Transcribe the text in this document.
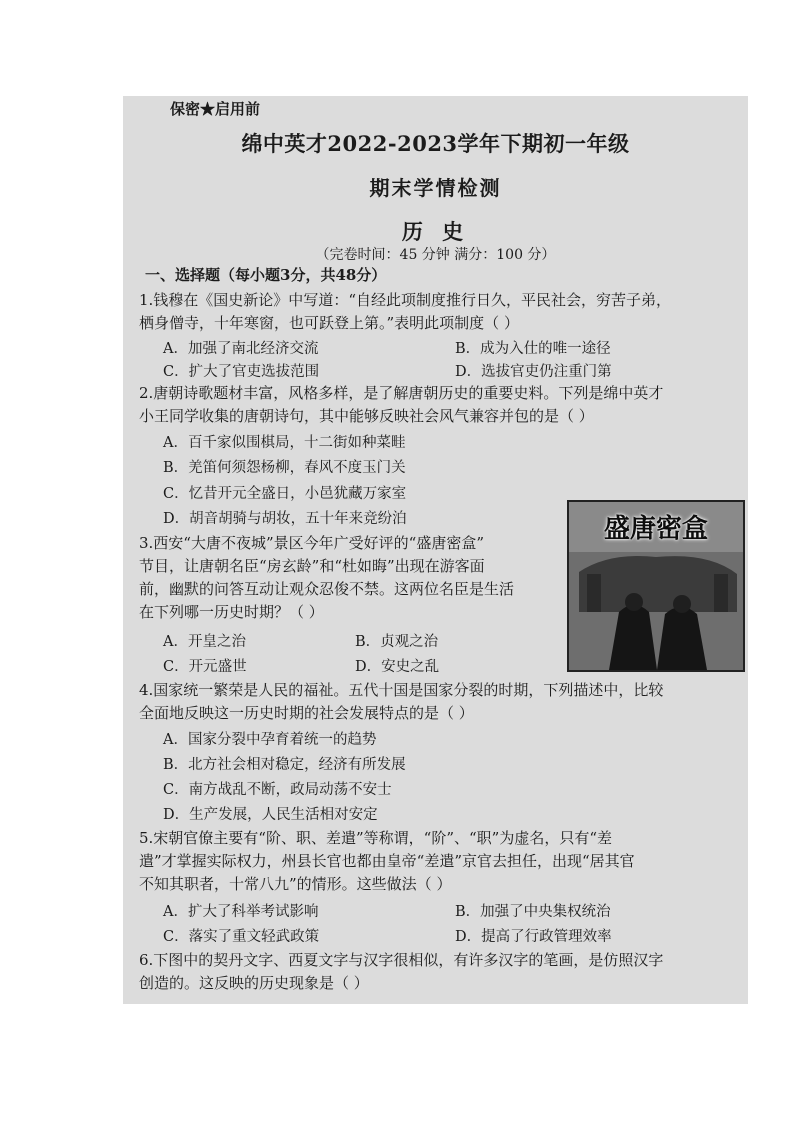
保密★启用前
绵中英才2022-2023学年下期初一年级
期末学情检测
历 史
（完卷时间：45 分钟 满分：100 分）
一、选择题（每小题3分，共48分）
1.钱穆在《国史新论》中写道：“自经此项制度推行日久，平民社会，穷苦子弟，
栖身僧寺，十年寒窗，也可跃登上第。”表明此项制度（ ）
A．加强了南北经济交流	B．成为入仕的唯一途径
C．扩大了官吏选拔范围	D．选拔官吏仍注重门第
2.唐朝诗歌题材丰富，风格多样，是了解唐朝历史的重要史料。下列是绵中英才
小王同学收集的唐朝诗句，其中能够反映社会风气兼容并包的是（ ）
A．百千家似围棋局，十二街如种菜畦
B．羌笛何须怨杨柳，春风不度玉门关
C．忆昔开元全盛日，小邑犹藏万家室
D．胡音胡骑与胡妆，五十年来竞纷泊
3.西安“大唐不夜城”景区今年广受好评的“盛唐密盒”
节目，让唐朝名臣“房玄龄”和“杜如晦”出现在游客面
前，幽默的问答互动让观众忍俊不禁。这两位名臣是生活
在下列哪一历史时期？（ ）
A．开皇之治	B．贞观之治
C．开元盛世	D．安史之乱
盛唐密盒
4.国家统一繁荣是人民的福祉。五代十国是国家分裂的时期，下列描述中，比较
全面地反映这一历史时期的社会发展特点的是（ ）
A．国家分裂中孕育着统一的趋势
B．北方社会相对稳定，经济有所发展
C．南方战乱不断，政局动荡不安士
D．生产发展，人民生活相对安定
5.宋朝官僚主要有“阶、职、差遣”等称谓，“阶”、“职”为虚名，只有“差
遣”才掌握实际权力，州县长官也都由皇帝“差遣”京官去担任，出现“居其官
不知其职者，十常八九”的情形。这些做法（ ）
A．扩大了科举考试影响	B．加强了中央集权统治
C．落实了重文轻武政策	D．提高了行政管理效率
6.下图中的契丹文字、西夏文字与汉字很相似，有许多汉字的笔画，是仿照汉字
创造的。这反映的历史现象是（ ）
